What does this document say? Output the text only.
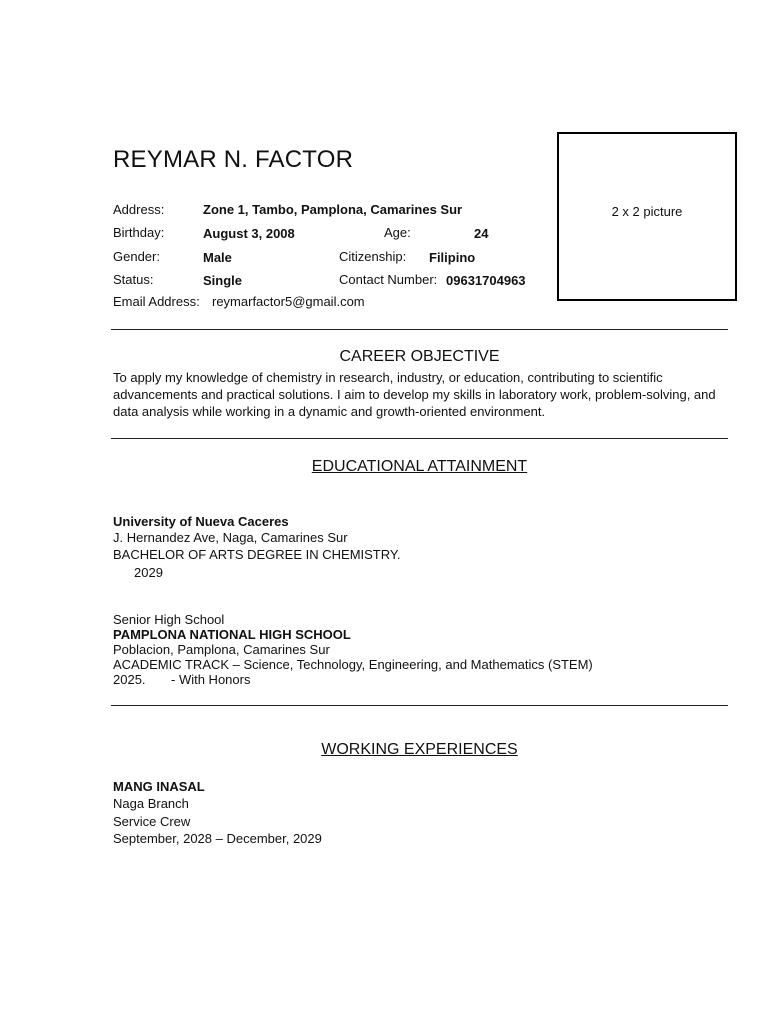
REYMAR N. FACTOR
2 x 2 picture
Address:	Zone 1, Tambo, Pamplona, Camarines Sur
Birthday:	August 3, 2008	Age:	24
Gender:	Male	Citizenship: Filipino
Status:	Single	Contact Number: 09631704963
Email Address: reymarfactor5@gmail.com
CAREER OBJECTIVE
To apply my knowledge of chemistry in research, industry, or education, contributing to scientific advancements and practical solutions. I aim to develop my skills in laboratory work, problem-solving, and data analysis while working in a dynamic and growth-oriented environment.
EDUCATIONAL ATTAINMENT
University of Nueva Caceres
J. Hernandez Ave, Naga, Camarines Sur
BACHELOR OF ARTS DEGREE IN CHEMISTRY.
2029
Senior High School
PAMPLONA NATIONAL HIGH SCHOOL
Poblacion, Pamplona, Camarines Sur
ACADEMIC TRACK – Science, Technology, Engineering, and Mathematics (STEM)
2025. - With Honors
WORKING EXPERIENCES
MANG INASAL
Naga Branch
Service Crew
September, 2028 – December, 2029
